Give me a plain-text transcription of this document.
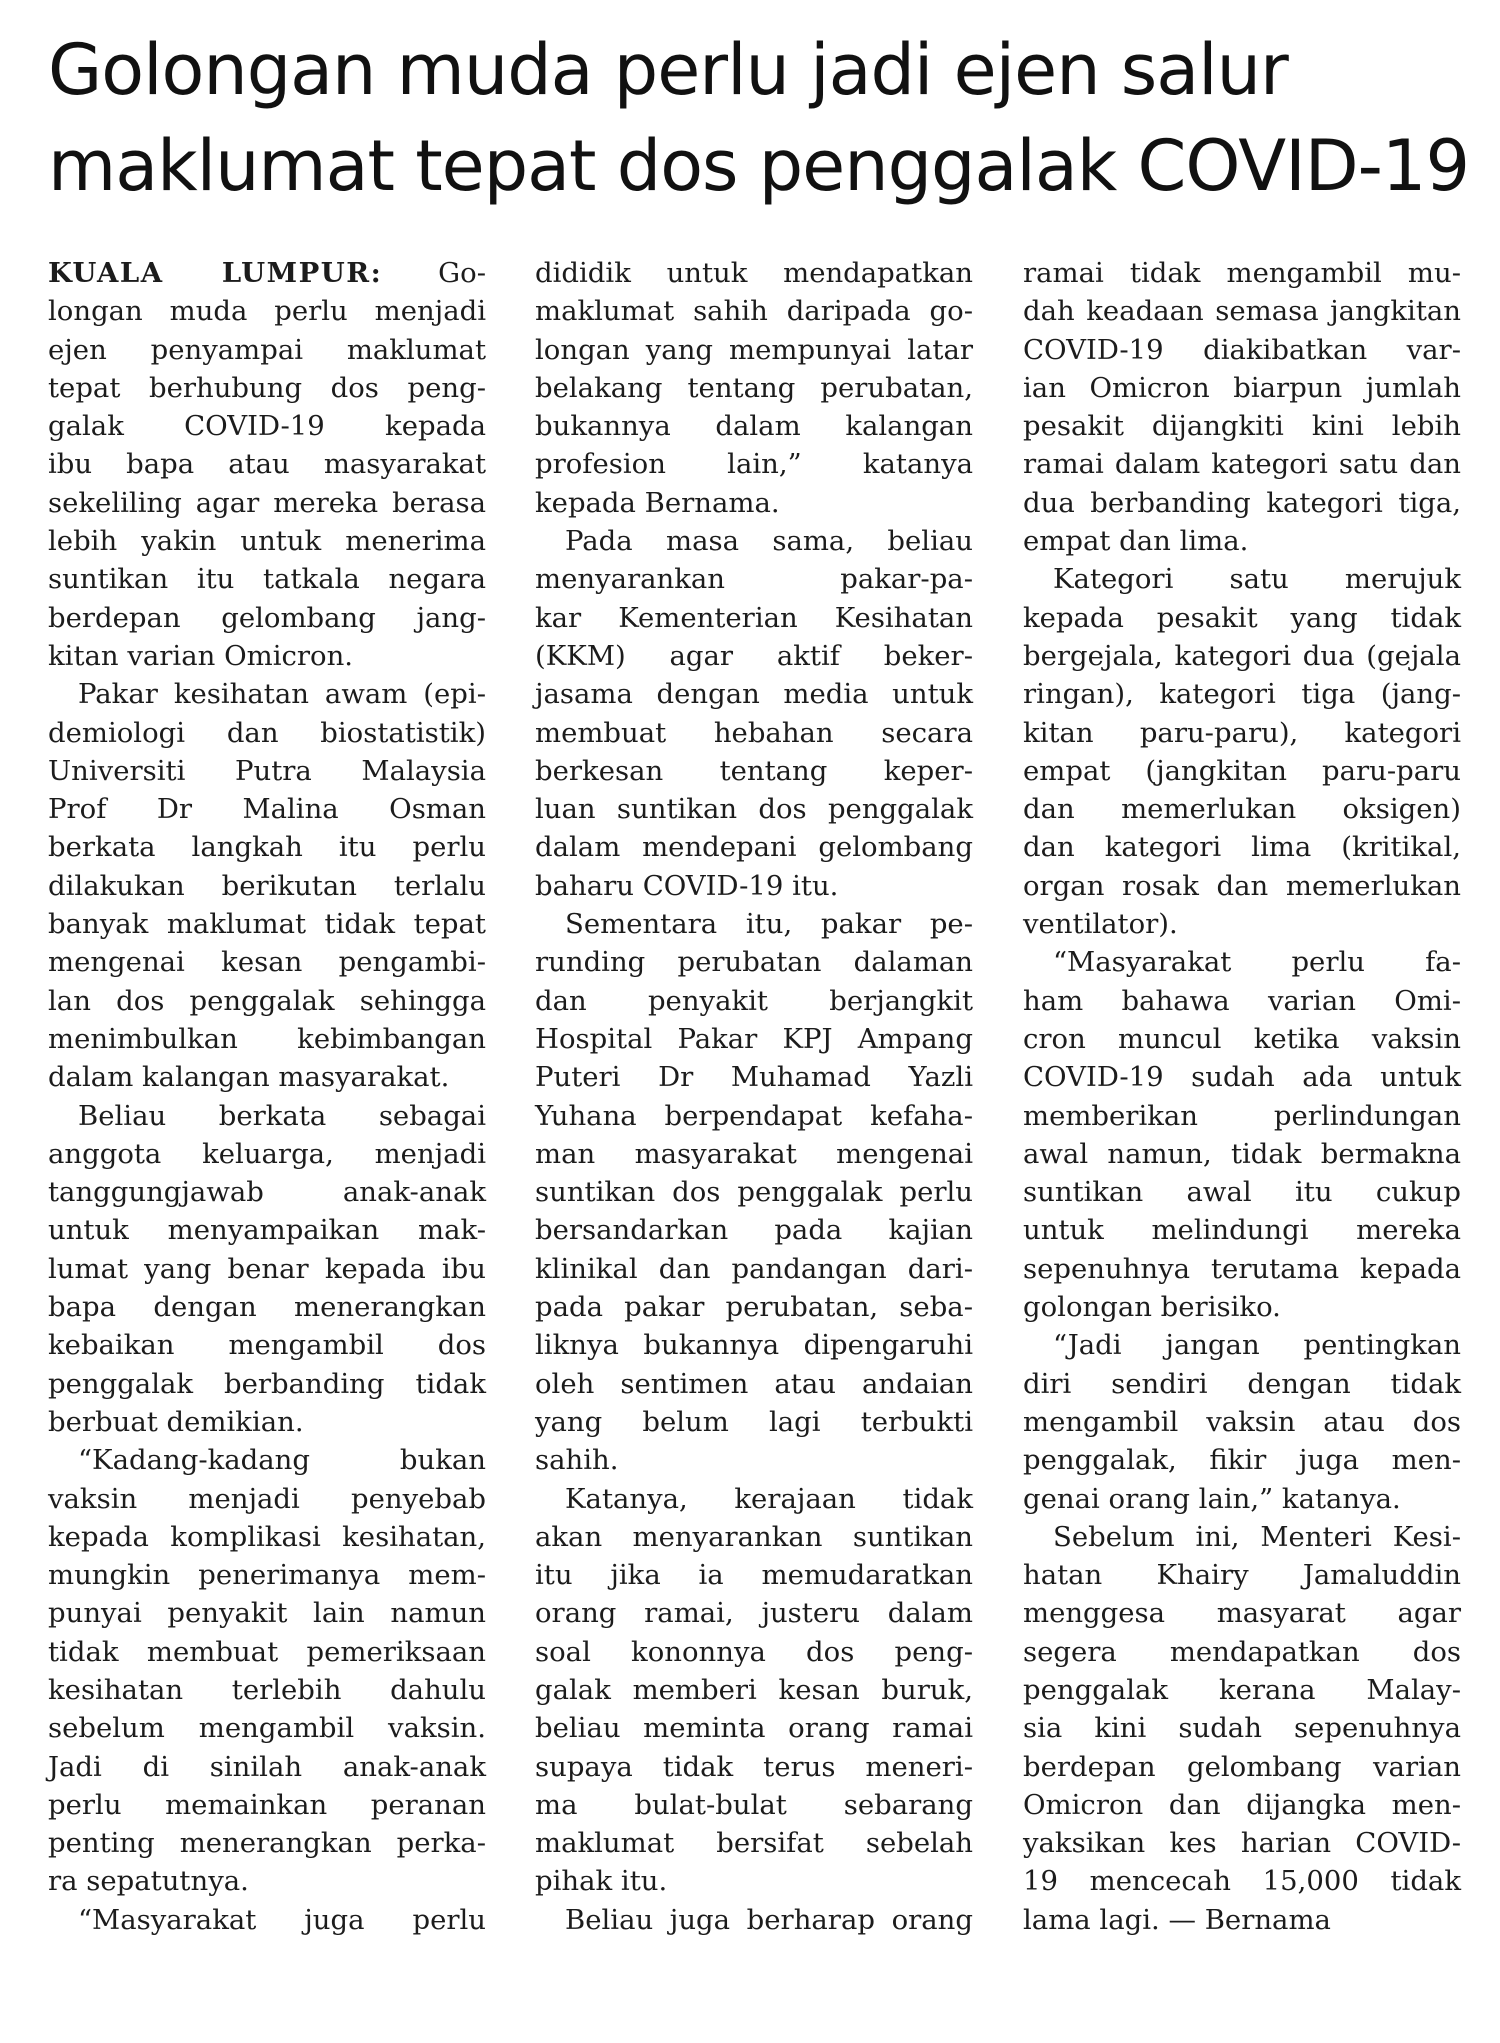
Golongan muda perlu jadi ejen salur
maklumat tepat dos penggalak COVID-19
KUALA LUMPUR: Go-
longan muda perlu menjadi
ejen penyampai maklumat
tepat berhubung dos peng-
galak COVID-19 kepada
ibu bapa atau masyarakat
sekeliling agar mereka berasa
lebih yakin untuk menerima
suntikan itu tatkala negara
berdepan gelombang jang-
kitan varian Omicron.
Pakar kesihatan awam (epi-
demiologi dan biostatistik)
Universiti Putra Malaysia
Prof Dr Malina Osman
berkata langkah itu perlu
dilakukan berikutan terlalu
banyak maklumat tidak tepat
mengenai kesan pengambi-
lan dos penggalak sehingga
menimbulkan kebimbangan
dalam kalangan masyarakat.
Beliau berkata sebagai
anggota keluarga, menjadi
tanggungjawab anak-anak
untuk menyampaikan mak-
lumat yang benar kepada ibu
bapa dengan menerangkan
kebaikan mengambil dos
penggalak berbanding tidak
berbuat demikian.
“Kadang-kadang bukan
vaksin menjadi penyebab
kepada komplikasi kesihatan,
mungkin penerimanya mem-
punyai penyakit lain namun
tidak membuat pemeriksaan
kesihatan terlebih dahulu
sebelum mengambil vaksin.
Jadi di sinilah anak-anak
perlu memainkan peranan
penting menerangkan perka-
ra sepatutnya.
“Masyarakat juga perlu
dididik untuk mendapatkan
maklumat sahih daripada go-
longan yang mempunyai latar
belakang tentang perubatan,
bukannya dalam kalangan
profesion lain,” katanya
kepada Bernama.
Pada masa sama, beliau
menyarankan pakar-pa-
kar Kementerian Kesihatan
(KKM) agar aktif beker-
jasama dengan media untuk
membuat hebahan secara
berkesan tentang keper-
luan suntikan dos penggalak
dalam mendepani gelombang
baharu COVID-19 itu.
Sementara itu, pakar pe-
runding perubatan dalaman
dan penyakit berjangkit
Hospital Pakar KPJ Ampang
Puteri Dr Muhamad Yazli
Yuhana berpendapat kefaha-
man masyarakat mengenai
suntikan dos penggalak perlu
bersandarkan pada kajian
klinikal dan pandangan dari-
pada pakar perubatan, seba-
liknya bukannya dipengaruhi
oleh sentimen atau andaian
yang belum lagi terbukti
sahih.
Katanya, kerajaan tidak
akan menyarankan suntikan
itu jika ia memudaratkan
orang ramai, justeru dalam
soal kononnya dos peng-
galak memberi kesan buruk,
beliau meminta orang ramai
supaya tidak terus meneri-
ma bulat-bulat sebarang
maklumat bersifat sebelah
pihak itu.
Beliau juga berharap orang
ramai tidak mengambil mu-
dah keadaan semasa jangkitan
COVID-19 diakibatkan var-
ian Omicron biarpun jumlah
pesakit dijangkiti kini lebih
ramai dalam kategori satu dan
dua berbanding kategori tiga,
empat dan lima.
Kategori satu merujuk
kepada pesakit yang tidak
bergejala, kategori dua (gejala
ringan), kategori tiga (jang-
kitan paru-paru), kategori
empat (jangkitan paru-paru
dan memerlukan oksigen)
dan kategori lima (kritikal,
organ rosak dan memerlukan
ventilator).
“Masyarakat perlu fa-
ham bahawa varian Omi-
cron muncul ketika vaksin
COVID-19 sudah ada untuk
memberikan perlindungan
awal namun, tidak bermakna
suntikan awal itu cukup
untuk melindungi mereka
sepenuhnya terutama kepada
golongan berisiko.
“Jadi jangan pentingkan
diri sendiri dengan tidak
mengambil vaksin atau dos
penggalak, fikir juga men-
genai orang lain,” katanya.
Sebelum ini, Menteri Kesi-
hatan Khairy Jamaluddin
menggesa masyarat agar
segera mendapatkan dos
penggalak kerana Malay-
sia kini sudah sepenuhnya
berdepan gelombang varian
Omicron dan dijangka men-
yaksikan kes harian COVID-
19 mencecah 15,000 tidak
lama lagi. — Bernama
